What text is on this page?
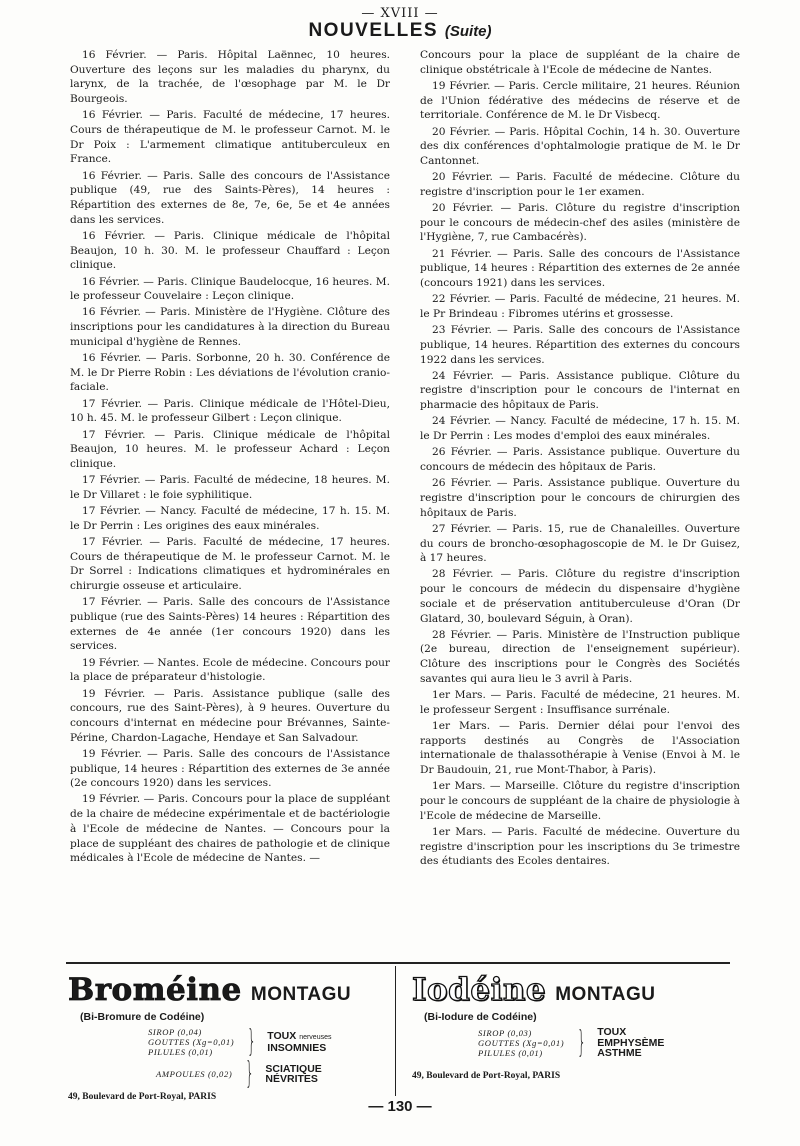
— XVIII —
NOUVELLES (Suite)

16 Février. — Paris. Hôpital Laënnec, 10 heures. Ouverture des leçons sur les maladies du pharynx, du larynx, de la trachée, de l'œsophage par M. le Dr Bourgeois.

16 Février. — Paris. Faculté de médecine, 17 heures. Cours de thérapeutique de M. le professeur Carnot. M. le Dr Poix : L'armement climatique antituberculeux en France.

16 Février. — Paris. Salle des concours de l'Assistance publique (49, rue des Saints-Pères), 14 heures : Répartition des externes de 8e, 7e, 6e, 5e et 4e années dans les services.

16 Février. — Paris. Clinique médicale de l'hôpital Beaujon, 10 h. 30. M. le professeur Chauffard : Leçon clinique.

16 Février. — Paris. Clinique Baudelocque, 16 heures. M. le professeur Couvelaire : Leçon clinique.

16 Février. — Paris. Ministère de l'Hygiène. Clôture des inscriptions pour les candidatures à la direction du Bureau municipal d'hygiène de Rennes.

16 Février. — Paris. Sorbonne, 20 h. 30. Conférence de M. le Dr Pierre Robin : Les déviations de l'évolution cranio-faciale.

17 Février. — Paris. Clinique médicale de l'Hôtel-Dieu, 10 h. 45. M. le professeur Gilbert : Leçon clinique.

17 Février. — Paris. Clinique médicale de l'hôpital Beaujon, 10 heures. M. le professeur Achard : Leçon clinique.

17 Février. — Paris. Faculté de médecine, 18 heures. M. le Dr Villaret : le foie syphilitique.

17 Février. — Nancy. Faculté de médecine, 17 h. 15. M. le Dr Perrin : Les origines des eaux minérales.

17 Février. — Paris. Faculté de médecine, 17 heures. Cours de thérapeutique de M. le professeur Carnot. M. le Dr Sorrel : Indications climatiques et hydrominérales en chirurgie osseuse et articulaire.

17 Février. — Paris. Salle des concours de l'Assistance publique (rue des Saints-Pères) 14 heures : Répartition des externes de 4e année (1er concours 1920) dans les services.

19 Février. — Nantes. Ecole de médecine. Concours pour la place de préparateur d'histologie.

19 Février. — Paris. Assistance publique (salle des concours, rue des Saint-Pères), à 9 heures. Ouverture du concours d'internat en médecine pour Brévannes, Sainte-Périne, Chardon-Lagache, Hendaye et San Salvadour.

19 Février. — Paris. Salle des concours de l'Assistance publique, 14 heures : Répartition des externes de 3e année (2e concours 1920) dans les services.

19 Février. — Paris. Concours pour la place de suppléant de la chaire de médecine expérimentale et de bactériologie à l'Ecole de médecine de Nantes. — Concours pour la place de suppléant des chaires de pathologie et de clinique médicales à l'Ecole de médecine de Nantes. —

Concours pour la place de suppléant de la chaire de clinique obstétricale à l'Ecole de médecine de Nantes.

19 Février. — Paris. Cercle militaire, 21 heures. Réunion de l'Union fédérative des médecins de réserve et de territoriale. Conférence de M. le Dr Visbecq.

20 Février. — Paris. Hôpital Cochin, 14 h. 30. Ouverture des dix conférences d'ophtalmologie pratique de M. le Dr Cantonnet.

20 Février. — Paris. Faculté de médecine. Clôture du registre d'inscription pour le 1er examen.

20 Février. — Paris. Clôture du registre d'inscription pour le concours de médecin-chef des asiles (ministère de l'Hygiène, 7, rue Cambacérès).

21 Février. — Paris. Salle des concours de l'Assistance publique, 14 heures : Répartition des externes de 2e année (concours 1921) dans les services.

22 Février. — Paris. Faculté de médecine, 21 heures. M. le Pr Brindeau : Fibromes utérins et grossesse.

23 Février. — Paris. Salle des concours de l'Assistance publique, 14 heures. Répartition des externes du concours 1922 dans les services.

24 Février. — Paris. Assistance publique. Clôture du registre d'inscription pour le concours de l'internat en pharmacie des hôpitaux de Paris.

24 Février. — Nancy. Faculté de médecine, 17 h. 15. M. le Dr Perrin : Les modes d'emploi des eaux minérales.

26 Février. — Paris. Assistance publique. Ouverture du concours de médecin des hôpitaux de Paris.

26 Février. — Paris. Assistance publique. Ouverture du registre d'inscription pour le concours de chirurgien des hôpitaux de Paris.

27 Février. — Paris. 15, rue de Chanaleilles. Ouverture du cours de broncho-œsophagoscopie de M. le Dr Guisez, à 17 heures.

28 Février. — Paris. Clôture du registre d'inscription pour le concours de médecin du dispensaire d'hygiène sociale et de préservation antituberculeuse d'Oran (Dr Glatard, 30, boulevard Séguin, à Oran).

28 Février. — Paris. Ministère de l'Instruction publique (2e bureau, direction de l'enseignement supérieur). Clôture des inscriptions pour le Congrès des Sociétés savantes qui aura lieu le 3 avril à Paris.

1er Mars. — Paris. Faculté de médecine, 21 heures. M. le professeur Sergent : Insuffisance surrénale.

1er Mars. — Paris. Dernier délai pour l'envoi des rapports destinés au Congrès de l'Association internationale de thalassothérapie à Venise (Envoi à M. le Dr Baudouin, 21, rue Mont-Thabor, à Paris).

1er Mars. — Marseille. Clôture du registre d'inscription pour le concours de suppléant de la chaire de physiologie à l'Ecole de médecine de Marseille.

1er Mars. — Paris. Faculté de médecine. Ouverture du registre d'inscription pour les inscriptions du 3e trimestre des étudiants des Ecoles dentaires.

Broméine MONTAGU
(Bi-Bromure de Codéine)
SIROP (0,04)
GOUTTES (Xg=0,01)
PILULES (0,01)	} TOUX nerveuses
INSOMNIES
AMPOULES (0,02) } SCIATIQUE
NÉVRITES
49, Boulevard de Port-Royal, PARIS
Iodéine MONTAGU
(Bi-Iodure de Codéine)
SIROP (0,03)
GOUTTES (Xg=0,01)
PILULES (0,01)	} TOUX
EMPHYSÈME
ASTHME
49, Boulevard de Port-Royal, PARIS
— 130 —
